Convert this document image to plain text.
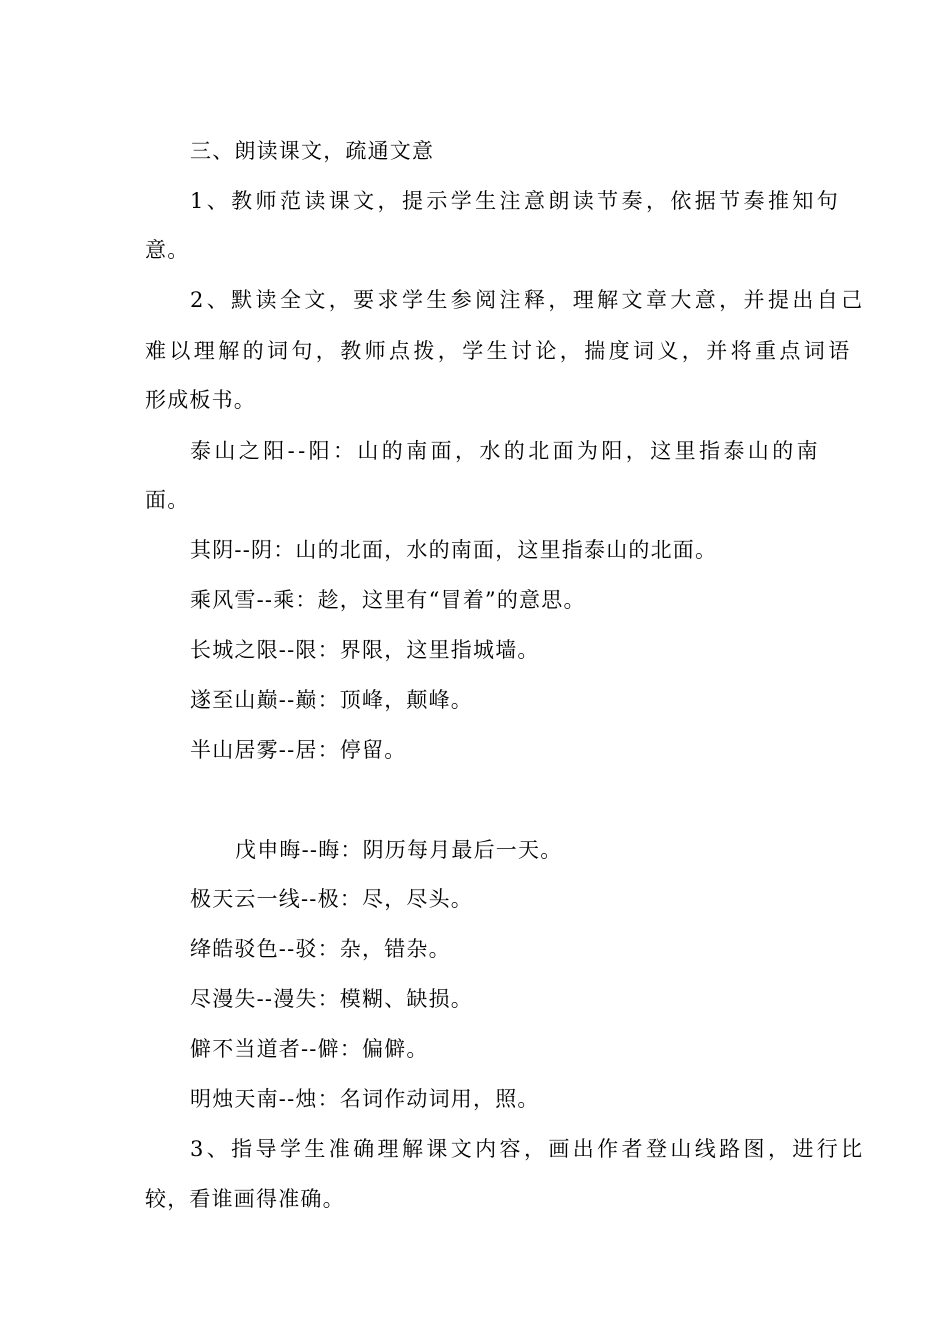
三、朗读课文，疏通文意
1、教师范读课文，提示学生注意朗读节奏，依据节奏推知句
意。
2、默读全文，要求学生参阅注释，理解文章大意，并提出自己
难以理解的词句，教师点拨，学生讨论，揣度词义，并将重点词语
形成板书。
泰山之阳--阳：山的南面，水的北面为阳，这里指泰山的南
面。
其阴--阴：山的北面，水的南面，这里指泰山的北面。
乘风雪--乘：趁，这里有“冒着”的意思。
长城之限--限：界限，这里指城墙。
遂至山巅--巅：顶峰，颠峰。
半山居雾--居：停留。
戊申晦--晦：阴历每月最后一天。
极天云一线--极：尽，尽头。
绛皓驳色--驳：杂，错杂。
尽漫失--漫失：模糊、缺损。
僻不当道者--僻：偏僻。
明烛天南--烛：名词作动词用，照。
3、指导学生准确理解课文内容，画出作者登山线路图，进行比
较，看谁画得准确。
